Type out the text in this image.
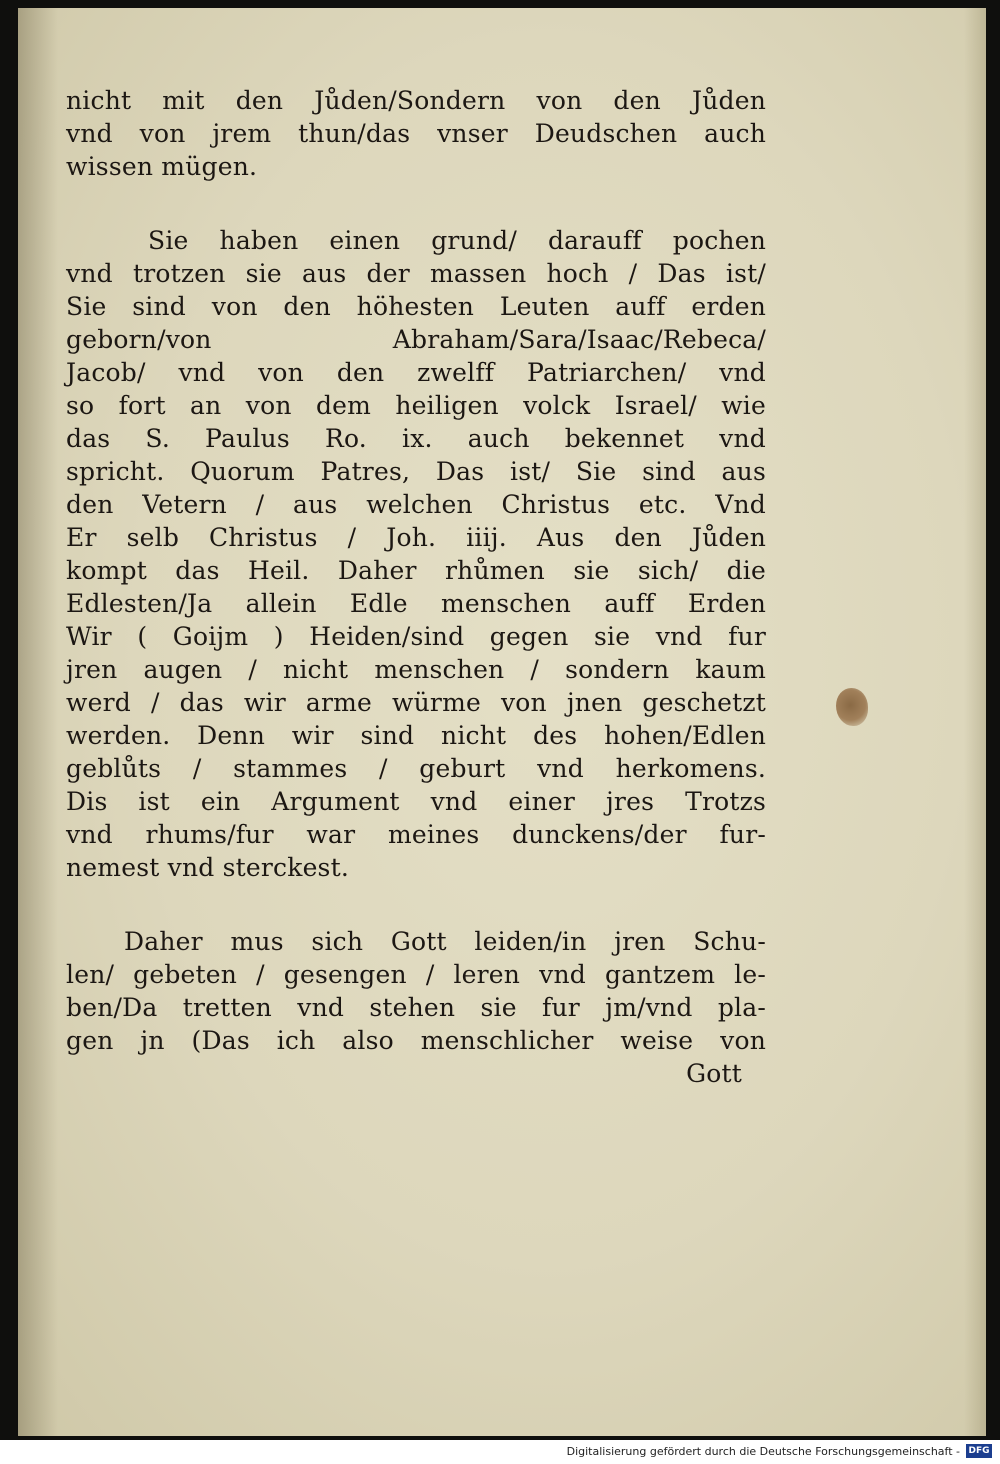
nicht mit den Jůden/Sondern von den Jůden
vnd von jrem thun/das vnser Deudschen auch
wissen mügen.
Sie haben einen grund/ darauff pochen
vnd trotzen sie aus der massen hoch / Das ist/
Sie sind von den höhesten Leuten auff erden
geborn/von Abraham/Sara/Isaac/Rebeca/
Jacob/ vnd von den zwelff Patriarchen/ vnd
so fort an von dem heiligen volck Israel/ wie
das S. Paulus Ro. ix. auch bekennet vnd
spricht. Quorum Patres, Das ist/ Sie sind aus
den Vetern / aus welchen Christus etc. Vnd
Er selb Christus / Joh. iiij. Aus den Jůden
kompt das Heil. Daher rhůmen sie sich/ die
Edlesten/Ja allein Edle menschen auff Erden
Wir ( Goijm ) Heiden/sind gegen sie vnd fur
jren augen / nicht menschen / sondern kaum
werd / das wir arme würme von jnen geschetzt
werden. Denn wir sind nicht des hohen/Edlen
geblůts / stammes / geburt vnd herkomens.
Dis ist ein Argument vnd einer jres Trotzs
vnd rhums/fur war meines dunckens/der fur-
nemest vnd sterckest.
Daher mus sich Gott leiden/in jren Schu-
len/ gebeten / gesengen / leren vnd gantzem le-
ben/Da tretten vnd stehen sie fur jm/vnd pla-
gen jn (Das ich also menschlicher weise von
Gott
Digitalisierung gefördert durch die Deutsche Forschungsgemeinschaft - DFG
